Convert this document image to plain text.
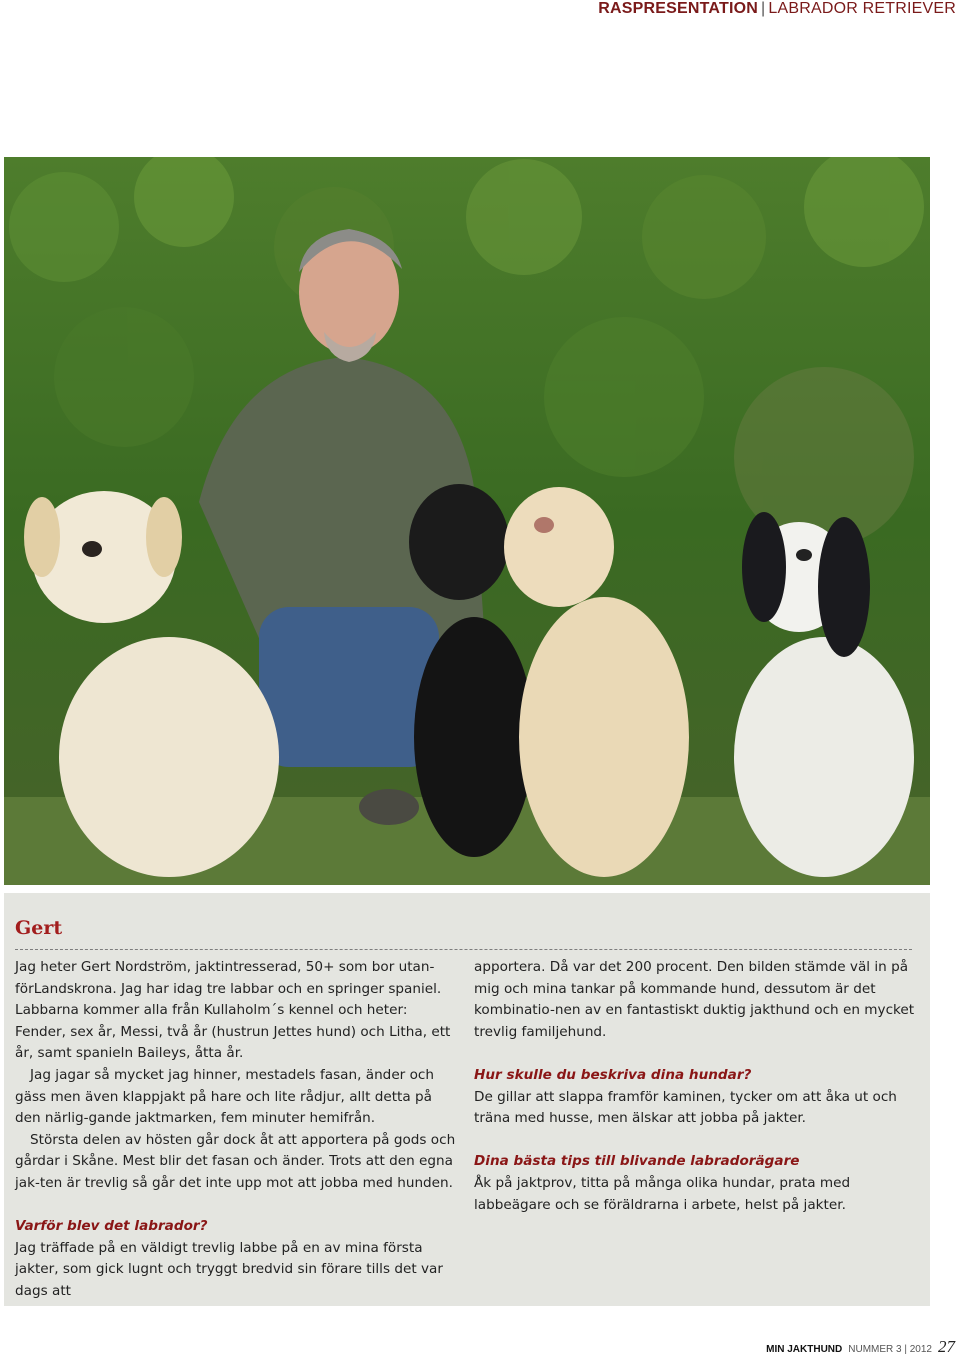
RASPRESENTATION | LABRADOR RETRIEVER
Gert

Jag heter Gert Nordström, jaktintresserad, 50+ som bor utan-förLandskrona. Jag har idag tre labbar och en springer spaniel. Labbarna kommer alla från Kullaholm´s kennel och heter: Fender, sex år, Messi, två år (hustrun Jettes hund) och Litha, ett år, samt spanieln Baileys, åtta år.

Jag jagar så mycket jag hinner, mestadels fasan, änder och gäss men även klappjakt på hare och lite rådjur, allt detta på den närlig-gande jaktmarken, fem minuter hemifrån.

Största delen av hösten går dock åt att apportera på gods och gårdar i Skåne. Mest blir det fasan och änder. Trots att den egna jak-ten är trevlig så går det inte upp mot att jobba med hunden.

Varför blev det labrador?

Jag träffade på en väldigt trevlig labbe på en av mina första jakter, som gick lugnt och tryggt bredvid sin förare tills det var dags att

apportera. Då var det 200 procent. Den bilden stämde väl in på mig och mina tankar på kommande hund, dessutom är det kombinatio-nen av en fantastiskt duktig jakthund och en mycket trevlig familjehund.

Hur skulle du beskriva dina hundar?

De gillar att slappa framför kaminen, tycker om att åka ut och träna med husse, men älskar att jobba på jakter.

Dina bästa tips till blivande labradorägare

Åk på jaktprov, titta på många olika hundar, prata med labbeägare och se föräldrarna i arbete, helst på jakter.

MIN JAKTHUND NUMMER 3 | 2012 27
